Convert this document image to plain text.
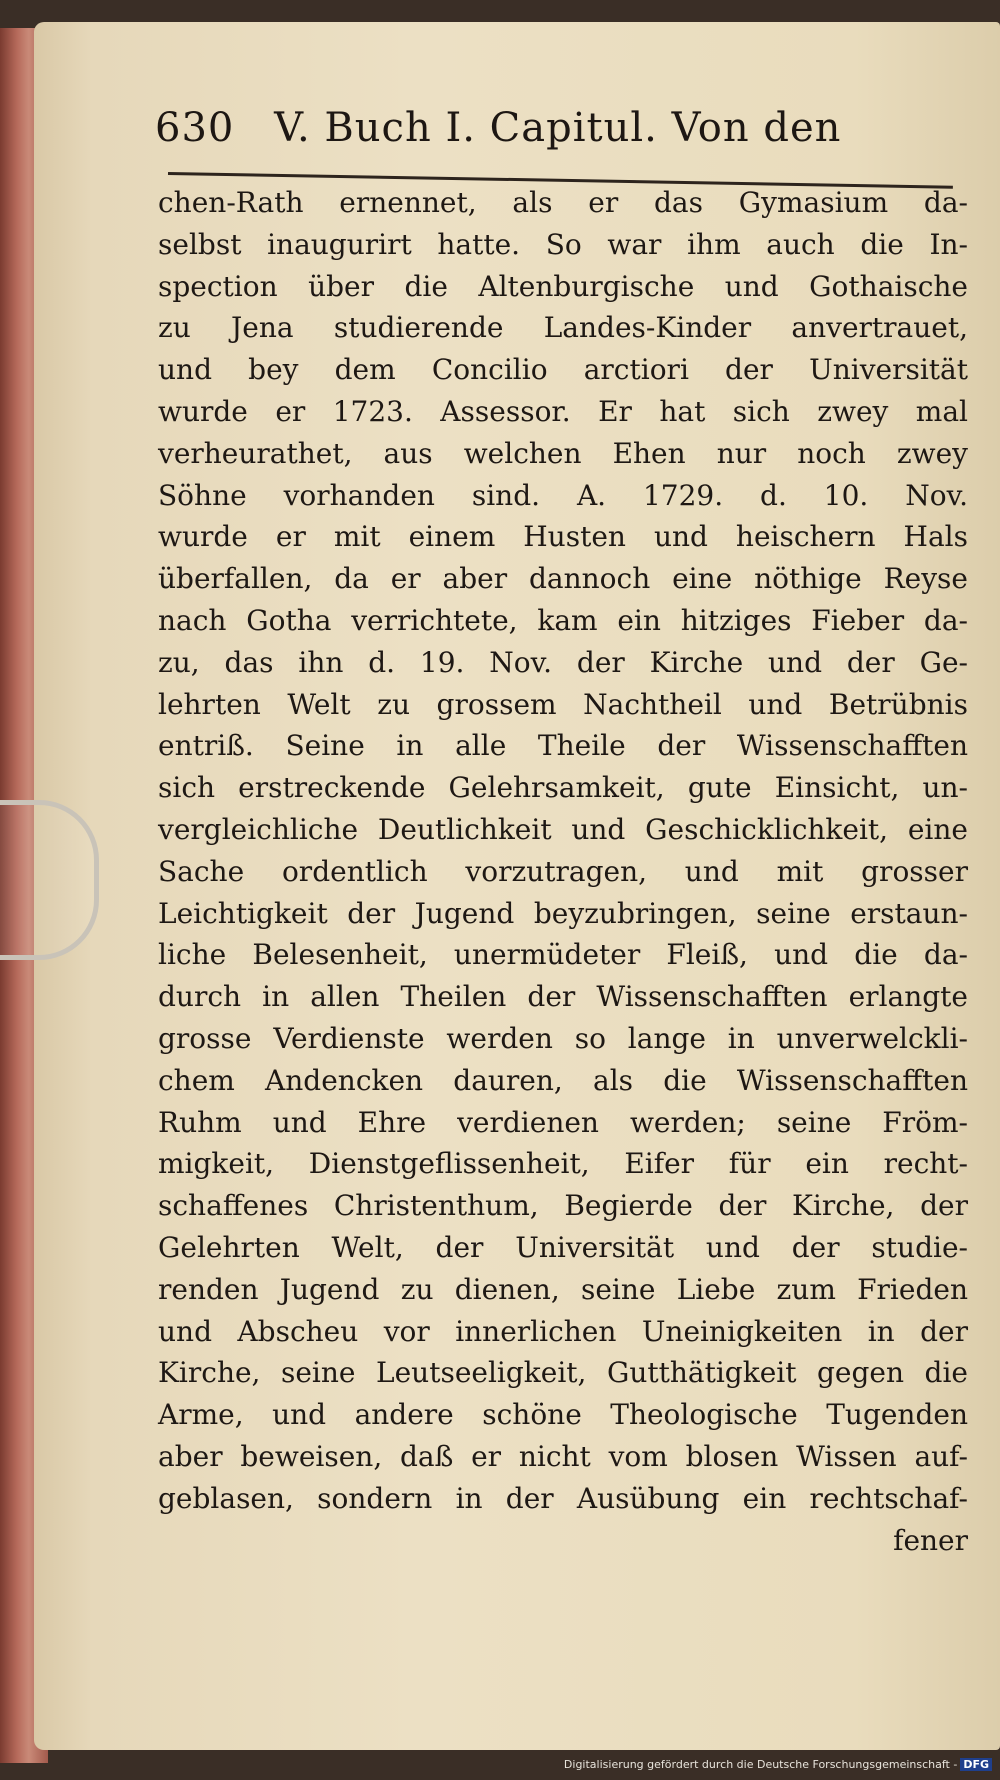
630 V. Buch I. Capitul. Von den
chen-Rath ernennet, als er das Gymasium da-
selbst inaugurirt hatte. So war ihm auch die In-
spection über die Altenburgische und Gothaische
zu Jena studierende Landes-Kinder anvertrauet,
und bey dem Concilio arctiori der Universität
wurde er 1723. Assessor. Er hat sich zwey mal
verheurathet, aus welchen Ehen nur noch zwey
Söhne vorhanden sind. A. 1729. d. 10. Nov.
wurde er mit einem Husten und heischern Hals
überfallen, da er aber dannoch eine nöthige Reyse
nach Gotha verrichtete, kam ein hitziges Fieber da-
zu, das ihn d. 19. Nov. der Kirche und der Ge-
lehrten Welt zu grossem Nachtheil und Betrübnis
entriß. Seine in alle Theile der Wissenschafften
sich erstreckende Gelehrsamkeit, gute Einsicht, un-
vergleichliche Deutlichkeit und Geschicklichkeit, eine
Sache ordentlich vorzutragen, und mit grosser
Leichtigkeit der Jugend beyzubringen, seine erstaun-
liche Belesenheit, unermüdeter Fleiß, und die da-
durch in allen Theilen der Wissenschafften erlangte
grosse Verdienste werden so lange in unverwelckli-
chem Andencken dauren, als die Wissenschafften
Ruhm und Ehre verdienen werden; seine Fröm-
migkeit, Dienstgeflissenheit, Eifer für ein recht-
schaffenes Christenthum, Begierde der Kirche, der
Gelehrten Welt, der Universität und der studie-
renden Jugend zu dienen, seine Liebe zum Frieden
und Abscheu vor innerlichen Uneinigkeiten in der
Kirche, seine Leutseeligkeit, Gutthätigkeit gegen die
Arme, und andere schöne Theologische Tugenden
aber beweisen, daß er nicht vom blosen Wissen auf-
geblasen, sondern in der Ausübung ein rechtschaf-
fener
Digitalisierung gefördert durch die Deutsche Forschungsgemeinschaft - DFG
